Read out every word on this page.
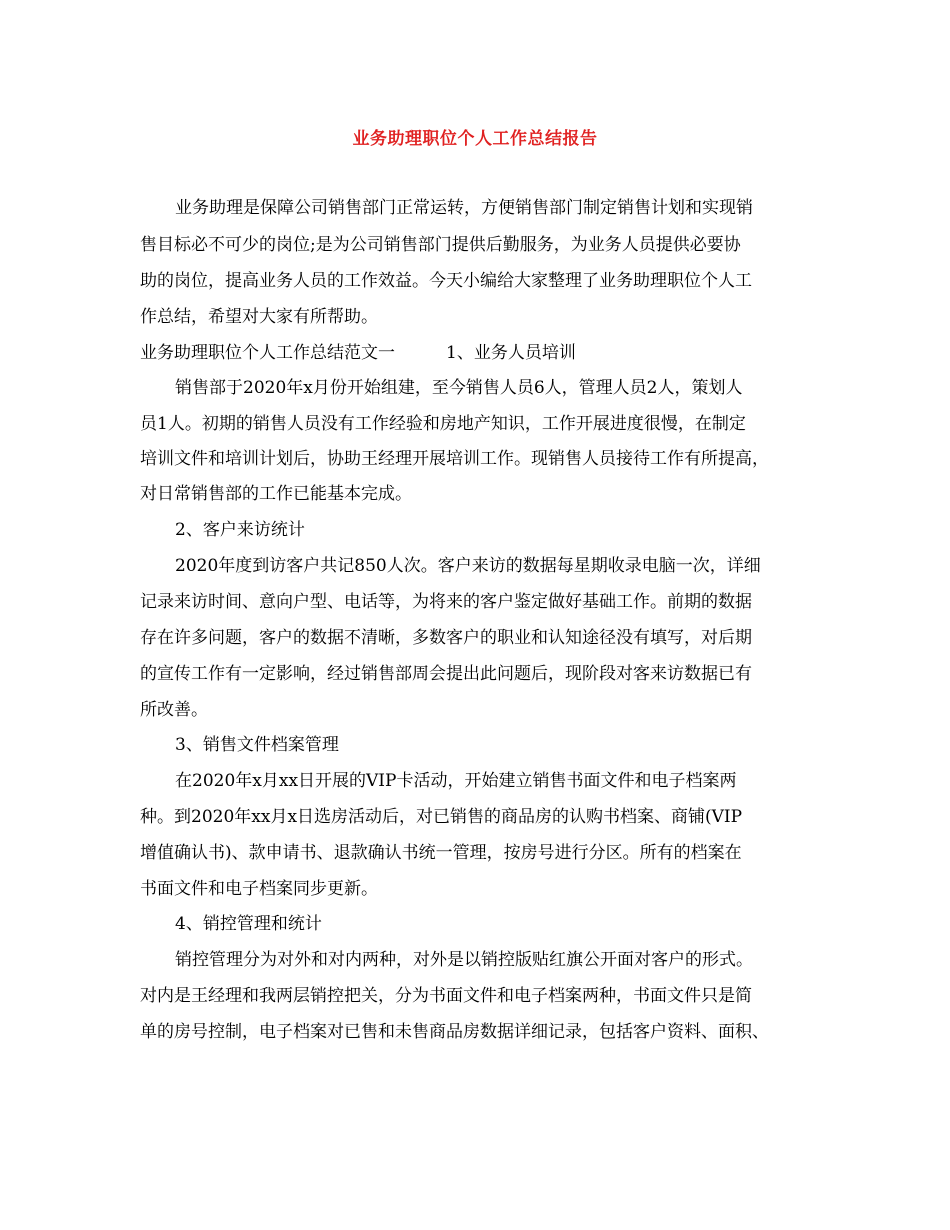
业务助理职位个人工作总结报告
业务助理是保障公司销售部门正常运转，方便销售部门制定销售计划和实现销
售目标必不可少的岗位;是为公司销售部门提供后勤服务，为业务人员提供必要协
助的岗位，提高业务人员的工作效益。今天小编给大家整理了业务助理职位个人工
作总结，希望对大家有所帮助。
业务助理职位个人工作总结范文一　　　1、业务人员培训
销售部于2020年x月份开始组建，至今销售人员6人，管理人员2人，策划人
员1人。初期的销售人员没有工作经验和房地产知识，工作开展进度很慢，在制定
培训文件和培训计划后，协助王经理开展培训工作。现销售人员接待工作有所提高，
对日常销售部的工作已能基本完成。
2、客户来访统计
2020年度到访客户共记850人次。客户来访的数据每星期收录电脑一次，详细
记录来访时间、意向户型、电话等，为将来的客户鉴定做好基础工作。前期的数据
存在许多问题，客户的数据不清晰，多数客户的职业和认知途径没有填写，对后期
的宣传工作有一定影响，经过销售部周会提出此问题后，现阶段对客来访数据已有
所改善。
3、销售文件档案管理
在2020年x月xx日开展的VIP卡活动，开始建立销售书面文件和电子档案两
种。到2020年xx月x日选房活动后，对已销售的商品房的认购书档案、商铺(VIP
增值确认书)、款申请书、退款确认书统一管理，按房号进行分区。所有的档案在
书面文件和电子档案同步更新。
4、销控管理和统计
销控管理分为对外和对内两种，对外是以销控版贴红旗公开面对客户的形式。
对内是王经理和我两层销控把关，分为书面文件和电子档案两种，书面文件只是简
单的房号控制，电子档案对已售和未售商品房数据详细记录，包括客户资料、面积、
